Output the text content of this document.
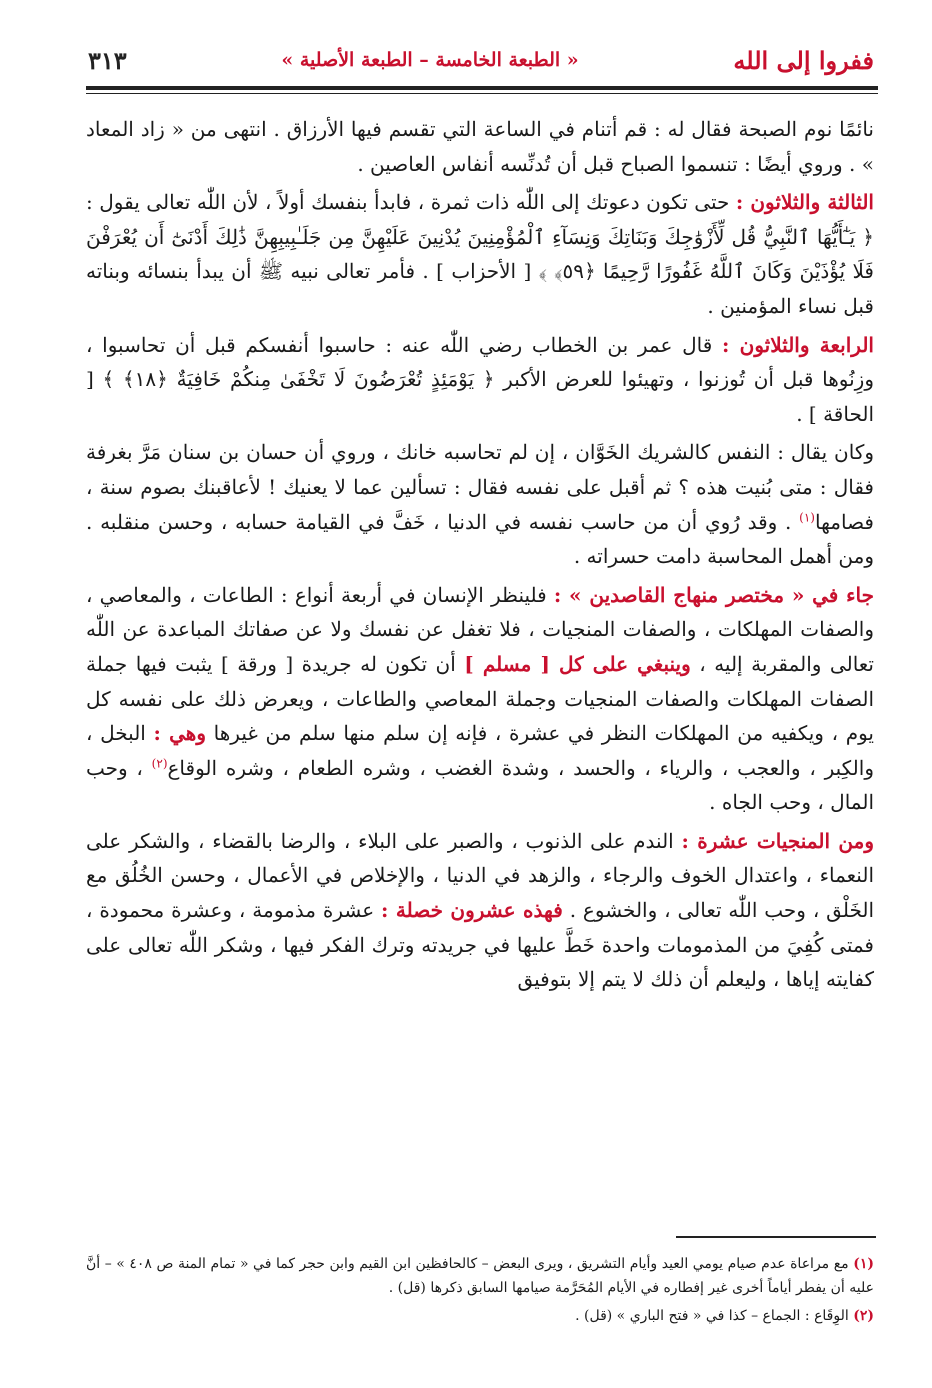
ففروا إلى الله
« الطبعة الخامسة – الطبعة الأصلية »
٣١٣

نائمًا نوم الصبحة فقال له : قم أتنام في الساعة التي تقسم فيها الأرزاق . انتهى من « زاد المعاد » . وروي أيضًا : تنسموا الصباح قبل أن تُدنِّسه أنفاس العاصين .

الثالثة والثلاثون : حتى تكون دعوتك إلى اللّٰه ذات ثمرة ، فابدأ بنفسك أولاً ، لأن اللّٰه تعالى يقول : ﴿ يَـٰٓأَيُّهَا ٱلنَّبِيُّ قُل لِّأَزْوَٰجِكَ وَبَنَاتِكَ وَنِسَآءِ ٱلْمُؤْمِنِينَ يُدْنِينَ عَلَيْهِنَّ مِن جَلَـٰبِيبِهِنَّ ذَٰلِكَ أَدْنَىٰٓ أَن يُعْرَفْنَ فَلَا يُؤْذَيْنَ وَكَانَ ٱللَّهُ غَفُورًا رَّحِيمًا ﴿٥٩﴾ ﴾ [ الأحزاب ] . فأمر تعالى نبيه ﷺ أن يبدأ بنسائه وبناته قبل نساء المؤمنين .

الرابعة والثلاثون : قال عمر بن الخطاب رضي اللّٰه عنه : حاسبوا أنفسكم قبل أن تحاسبوا ، وزِنُوها قبل أن تُوزنوا ، وتهيئوا للعرض الأكبر ﴿ يَوْمَئِذٍ تُعْرَضُونَ لَا تَخْفَىٰ مِنكُمْ خَافِيَةٌ ﴿١٨﴾ ﴾ [ الحاقة ] .

وكان يقال : النفس كالشريك الخَوَّان ، إن لم تحاسبه خانك ، وروي أن حسان بن سنان مَرَّ بغرفة فقال : متى بُنيت هذه ؟ ثم أقبل على نفسه فقال : تسألين عما لا يعنيك ! لأعاقبنك بصوم سنة ، فصامها$^{(١)}$ . وقد رُوي أن من حاسب نفسه في الدنيا ، خَفَّ في القيامة حسابه ، وحسن منقلبه . ومن أهمل المحاسبة دامت حسراته .

جاء في « مختصر منهاج القاصدين » : فلينظر الإنسان في أربعة أنواع : الطاعات ، والمعاصي ، والصفات المهلكات ، والصفات المنجيات ، فلا تغفل عن نفسك ولا عن صفاتك المباعدة عن اللّٰه تعالى والمقربة إليه ، وينبغي على كل [ مسلم ] أن تكون له جريدة [ ورقة ] يثبت فيها جملة الصفات المهلكات والصفات المنجيات وجملة المعاصي والطاعات ، ويعرض ذلك على نفسه كل يوم ، ويكفيه من المهلكات النظر في عشرة ، فإنه إن سلم منها سلم من غيرها وهي : البخل ، والكِبر ، والعجب ، والرياء ، والحسد ، وشدة الغضب ، وشره الطعام ، وشره الوقاع$^{(٢)}$ ، وحب المال ، وحب الجاه .

ومن المنجيات عشرة : الندم على الذنوب ، والصبر على البلاء ، والرضا بالقضاء ، والشكر على النعماء ، واعتدال الخوف والرجاء ، والزهد في الدنيا ، والإخلاص في الأعمال ، وحسن الخُلُق مع الخَلْق ، وحب اللّٰه تعالى ، والخشوع . فهذه عشرون خصلة : عشرة مذمومة ، وعشرة محمودة ، فمتى كُفِيَ من المذمومات واحدة خَطَّ عليها في جريدته وترك الفكر فيها ، وشكر اللّٰه تعالى على كفايته إياها ، وليعلم أن ذلك لا يتم إلا بتوفيق

(١) مع مراعاة عدم صيام يومي العيد وأيام التشريق ، ويرى البعض – كالحافظين ابن القيم وابن حجر كما في « تمام المنة ص ٤٠٨ » – أنَّ عليه أن يفطر أياماً أخرى غير إفطاره في الأيام المُحَرَّمة صيامها السابق ذكرها (قل) .

(٢) الوِقَاع : الجماع – كذا في « فتح الباري » (قل) .
